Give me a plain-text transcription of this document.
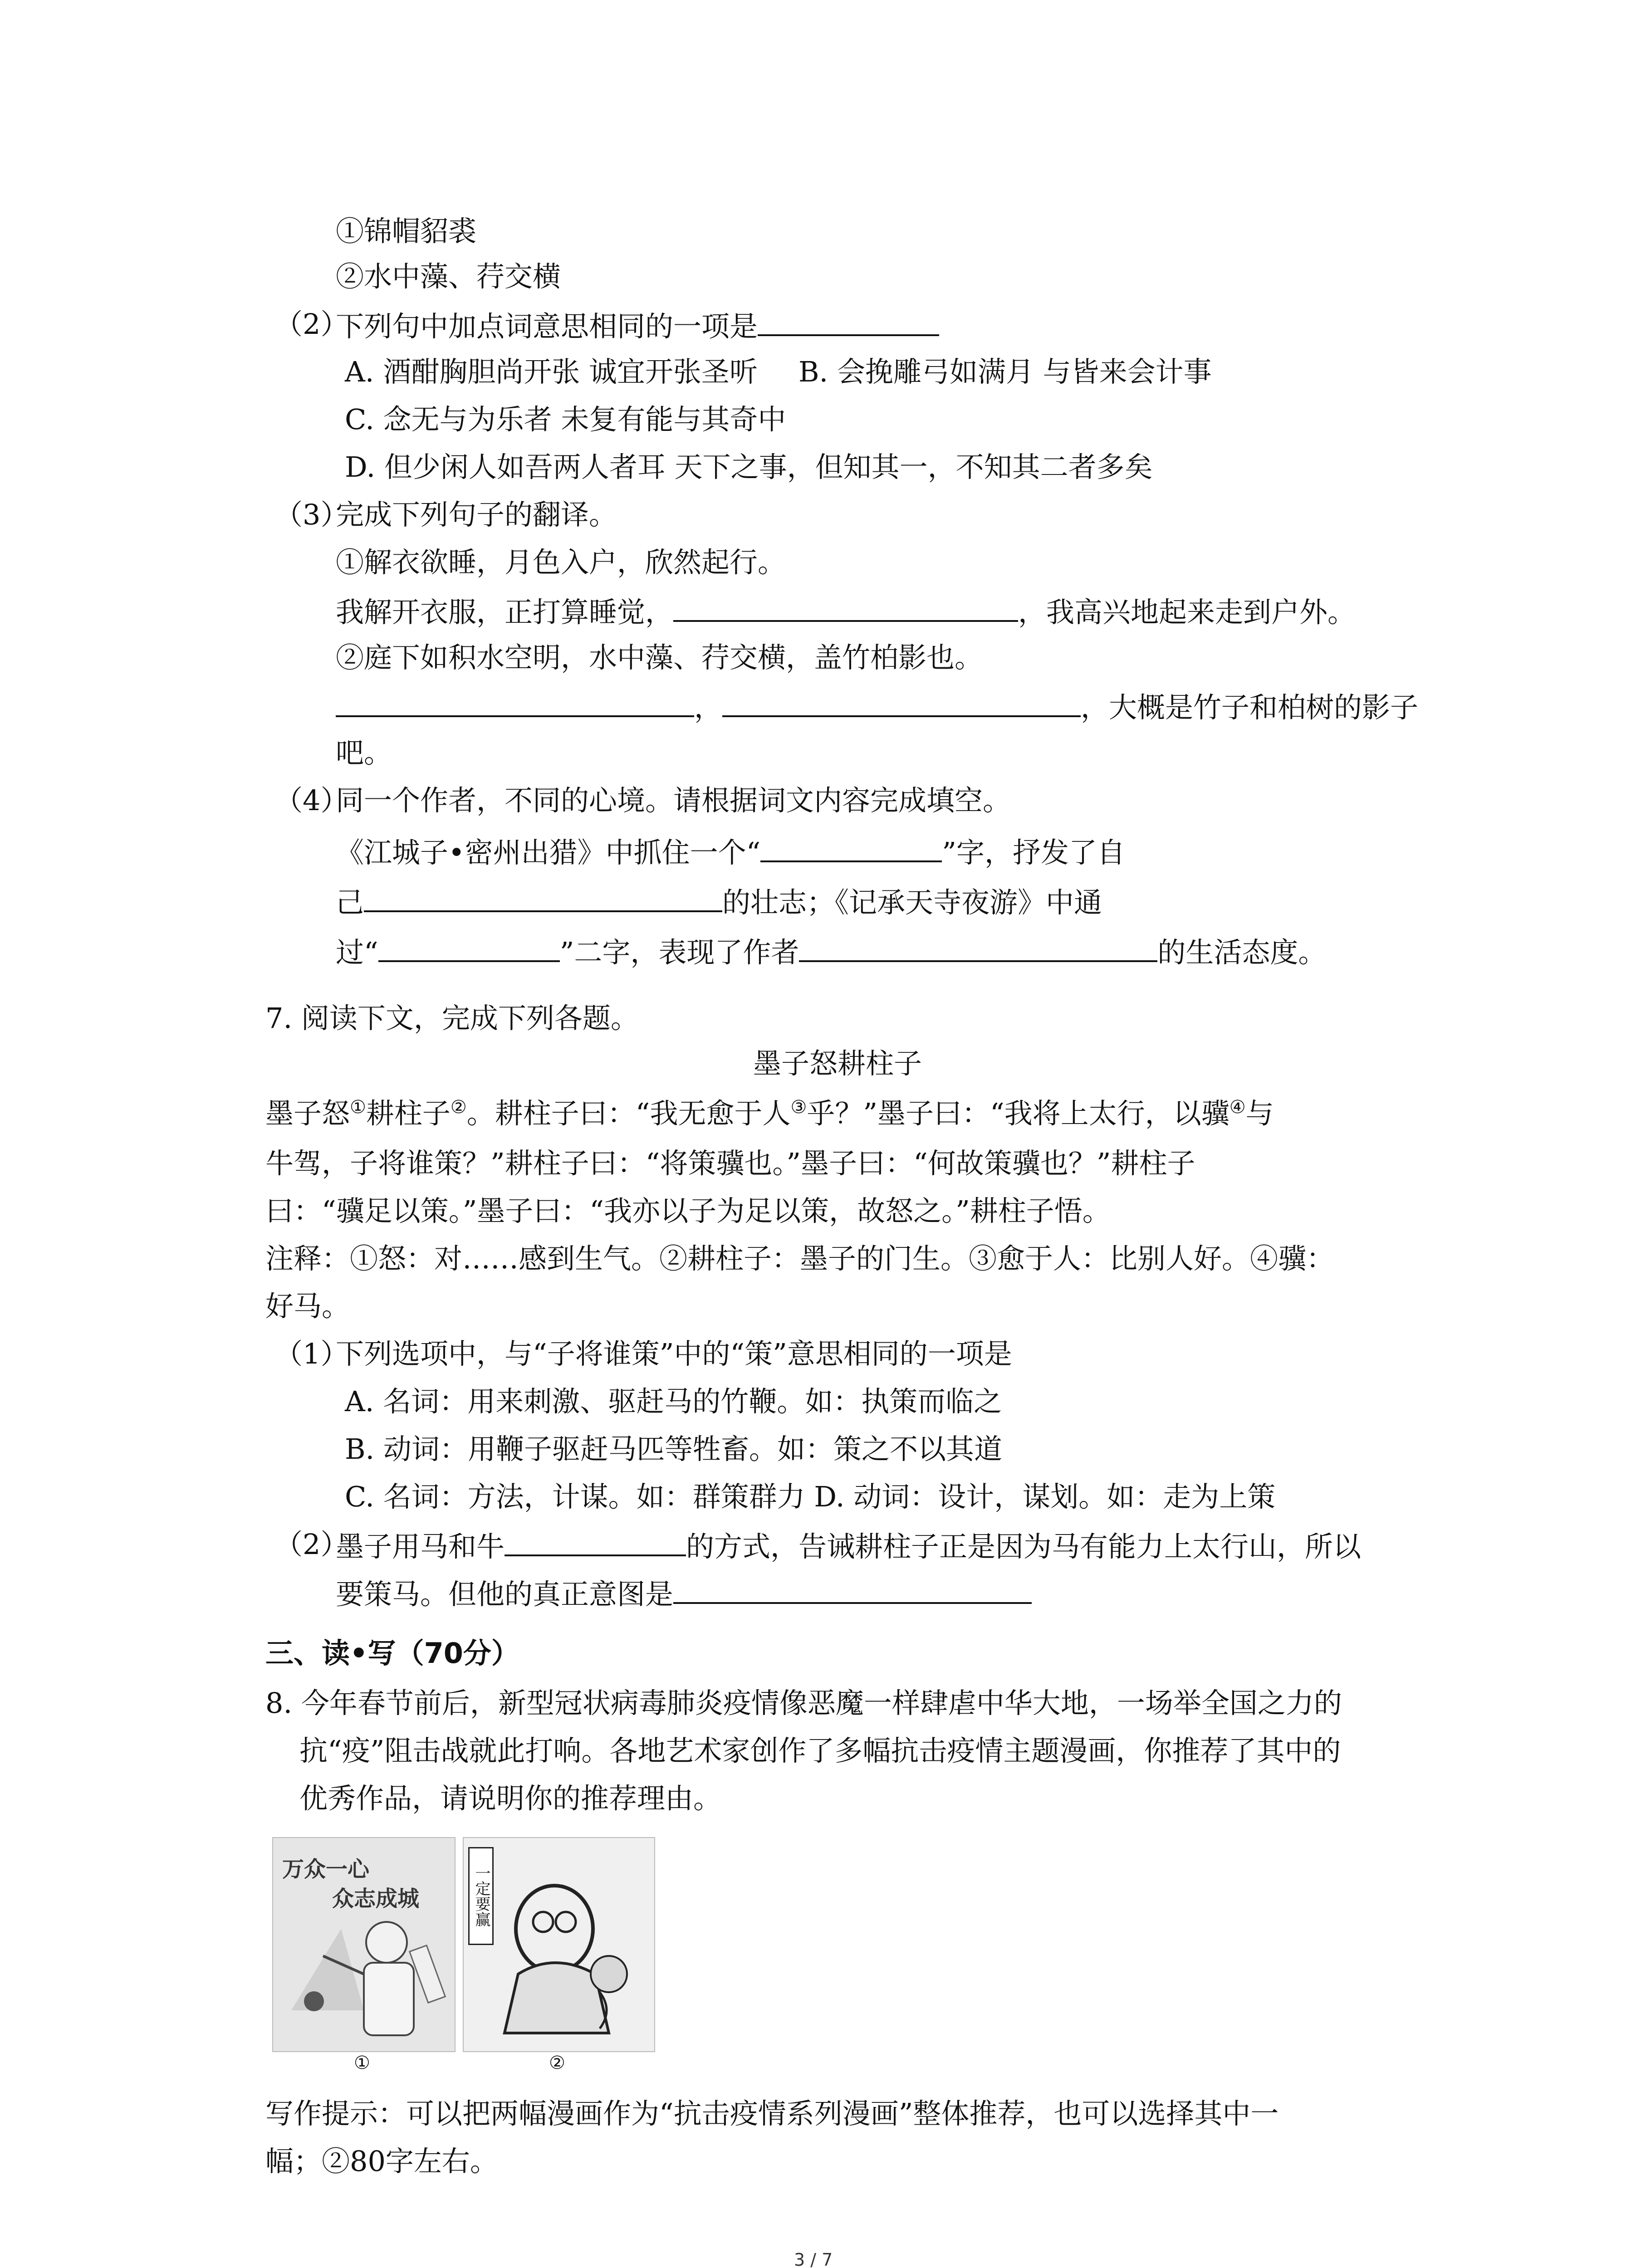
①锦帽貂裘
②水中藻、荇交横
（2）
下列句中加点词意思相同的一项是
A. 酒酣胸胆尚开张 诚宜开张圣听 B. 会挽雕弓如满月 与皆来会计事
C. 念无与为乐者 未复有能与其奇中
D. 但少闲人如吾两人者耳 天下之事，但知其一，不知其二者多矣
（3）
完成下列句子的翻译。
①解衣欲睡，月色入户，欣然起行。
我解开衣服，正打算睡觉，	，我高兴地起来走到户外。
②庭下如积水空明，水中藻、荇交横，盖竹柏影也。
，	，大概是竹子和柏树的影子
吧。
（4）
同一个作者，不同的心境。请根据词文内容完成填空。
《江城子•密州出猎》中抓住一个“	”字，抒发了自
己	的壮志；《记承天寺夜游》中通
过“	”二字，表现了作者	的生活态度。
7. 阅读下文，完成下列各题。
墨子怒耕柱子
墨子怒①耕柱子②。耕柱子曰：“我无愈于人③乎？”墨子曰：“我将上太行，以骥④与
牛驾，子将谁策？”耕柱子曰：“将策骥也。”墨子曰：“何故策骥也？”耕柱子
曰：“骥足以策。”墨子曰：“我亦以子为足以策，故怒之。”耕柱子悟。
注释：①怒：对……感到生气。②耕柱子：墨子的门生。③愈于人：比别人好。④骥：
好马。
（1）
下列选项中，与“子将谁策”中的“策”意思相同的一项是
A. 名词：用来刺激、驱赶马的竹鞭。如：执策而临之
B. 动词：用鞭子驱赶马匹等牲畜。如：策之不以其道
C. 名词：方法，计谋。如：群策群力 D. 动词：设计，谋划。如：走为上策
（2）
墨子用马和牛	的方式，告诫耕柱子正是因为马有能力上太行山，所以
要策马。但他的真正意图是
三、读•写（70分）
8. 今年春节前后，新型冠状病毒肺炎疫情像恶魔一样肆虐中华大地，一场举全国之力的
抗“疫”阻击战就此打响。各地艺术家创作了多幅抗击疫情主题漫画，你推荐了其中的
优秀作品，请说明你的推荐理由。
万众一心
众志成城
①
一定要赢
②
写作提示：可以把两幅漫画作为“抗击疫情系列漫画”整体推荐，也可以选择其中一
幅；②80字左右。
3 / 7
